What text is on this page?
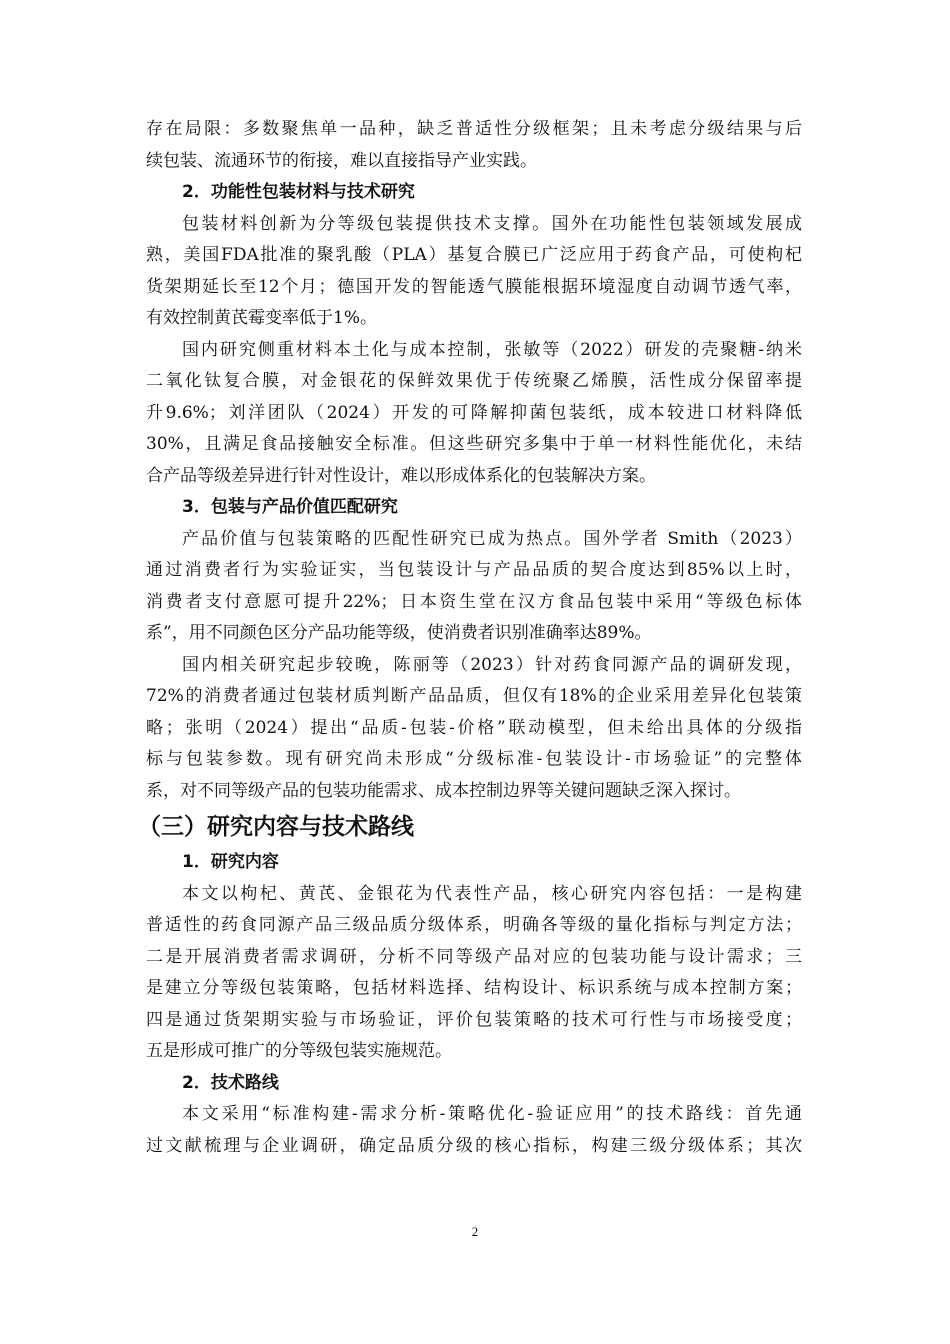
存在局限：多数聚焦单一品种，缺乏普适性分级框架；且未考虑分级结果与后
续包装、流通环节的衔接，难以直接指导产业实践。
2．功能性包装材料与技术研究
包装材料创新为分等级包装提供技术支撑。国外在功能性包装领域发展成
熟，美国FDA批准的聚乳酸（PLA）基复合膜已广泛应用于药食产品，可使枸杞
货架期延长至12个月；德国开发的智能透气膜能根据环境湿度自动调节透气率，
有效控制黄芪霉变率低于1%。
国内研究侧重材料本土化与成本控制，张敏等（2022）研发的壳聚糖-纳米
二氧化钛复合膜，对金银花的保鲜效果优于传统聚乙烯膜，活性成分保留率提
升9.6%；刘洋团队（2024）开发的可降解抑菌包装纸，成本较进口材料降低
30%，且满足食品接触安全标准。但这些研究多集中于单一材料性能优化，未结
合产品等级差异进行针对性设计，难以形成体系化的包装解决方案。
3．包装与产品价值匹配研究
产品价值与包装策略的匹配性研究已成为热点。国外学者 Smith（2023）
通过消费者行为实验证实，当包装设计与产品品质的契合度达到85%以上时，
消费者支付意愿可提升22%；日本资生堂在汉方食品包装中采用“等级色标体
系”，用不同颜色区分产品功能等级，使消费者识别准确率达89%。
国内相关研究起步较晚，陈丽等（2023）针对药食同源产品的调研发现，
72%的消费者通过包装材质判断产品品质，但仅有18%的企业采用差异化包装策
略；张明（2024）提出“品质-包装-价格”联动模型，但未给出具体的分级指
标与包装参数。现有研究尚未形成“分级标准-包装设计-市场验证”的完整体
系，对不同等级产品的包装功能需求、成本控制边界等关键问题缺乏深入探讨。
（三）研究内容与技术路线
1．研究内容
本文以枸杞、黄芪、金银花为代表性产品，核心研究内容包括：一是构建
普适性的药食同源产品三级品质分级体系，明确各等级的量化指标与判定方法；
二是开展消费者需求调研，分析不同等级产品对应的包装功能与设计需求；三
是建立分等级包装策略，包括材料选择、结构设计、标识系统与成本控制方案；
四是通过货架期实验与市场验证，评价包装策略的技术可行性与市场接受度；
五是形成可推广的分等级包装实施规范。
2．技术路线
本文采用“标准构建-需求分析-策略优化-验证应用”的技术路线：首先通
过文献梳理与企业调研，确定品质分级的核心指标，构建三级分级体系；其次
2
